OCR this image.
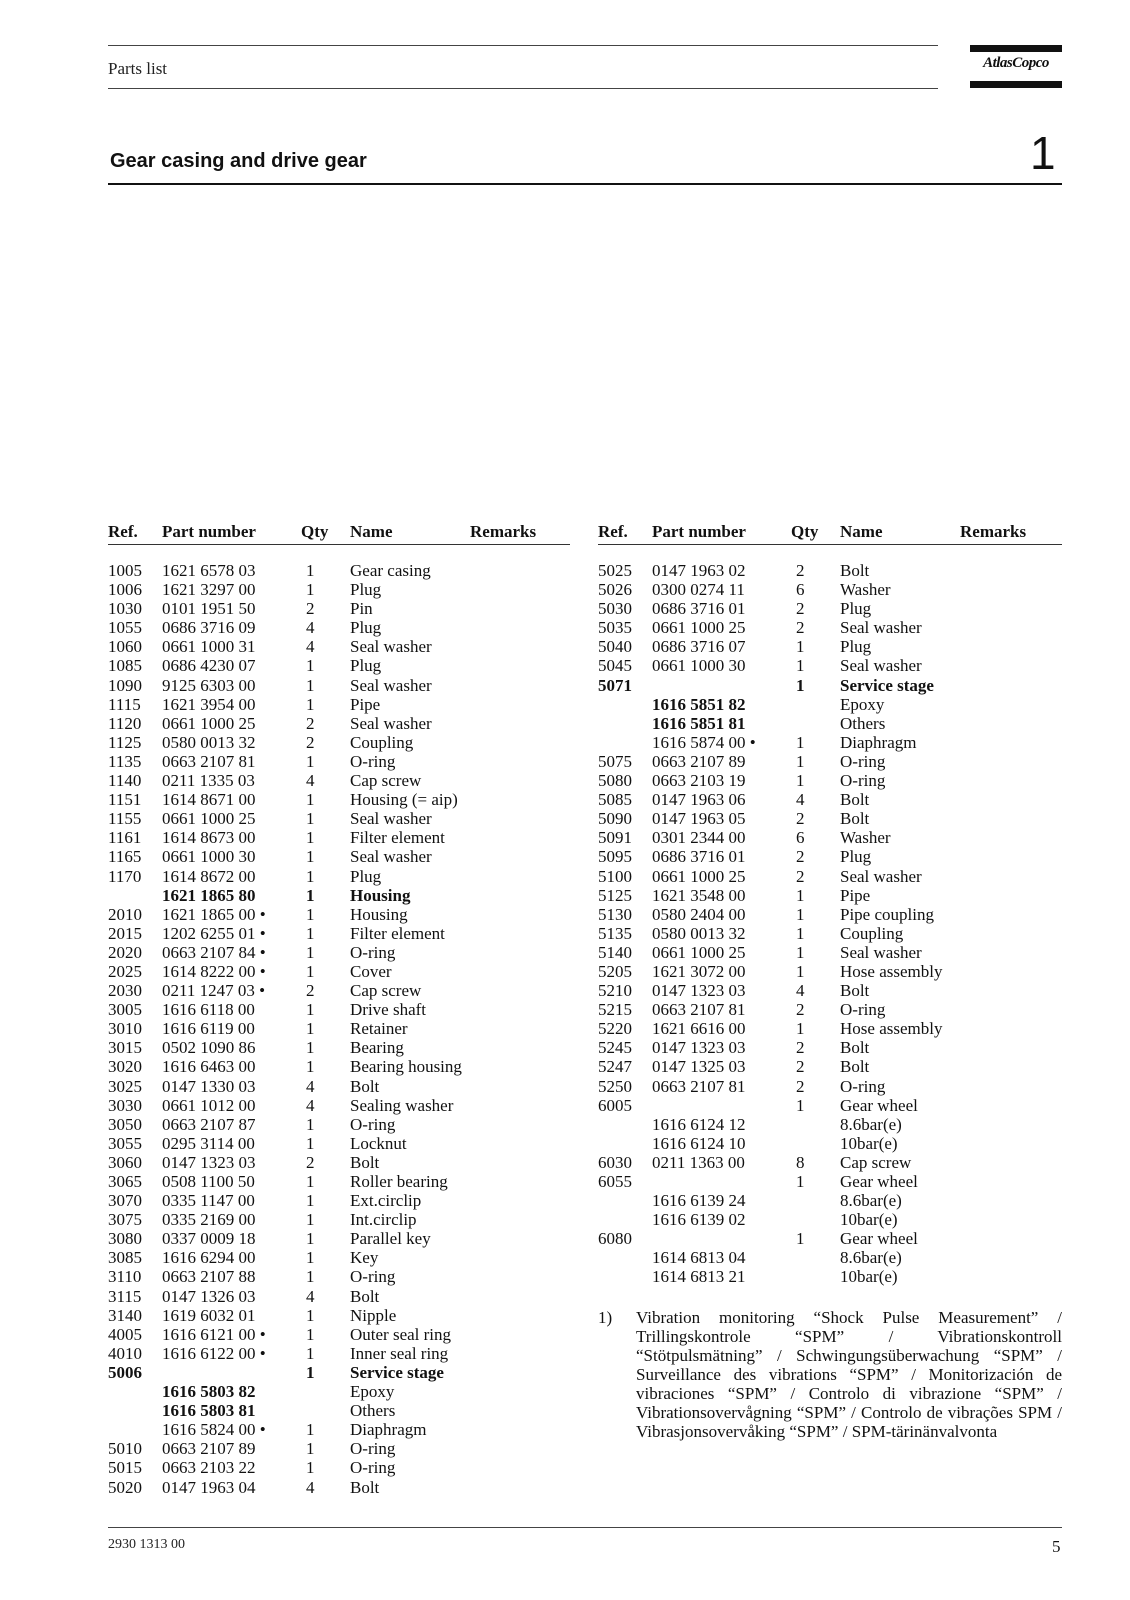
Parts list	AtlasCopco
Gear casing and drive gear	1
Ref. Part number	Qty Name	Remarks
1005 1621 6578 03	1 Gear casing
1006 1621 3297 00	1 Plug
1030 0101 1951 50	2 Pin
1055 0686 3716 09	4 Plug
1060 0661 1000 31	4 Seal washer
1085 0686 4230 07	1 Plug
1090 9125 6303 00	1 Seal washer
1115 1621 3954 00	1 Pipe
1120 0661 1000 25	2 Seal washer
1125 0580 0013 32	2 Coupling
1135 0663 2107 81	1 O-ring
1140 0211 1335 03	4 Cap screw
1151 1614 8671 00	1 Housing (= aip)
1155 0661 1000 25	1 Seal washer
1161 1614 8673 00	1 Filter element
1165 0661 1000 30	1 Seal washer
1170 1614 8672 00	1 Plug
1621 1865 80	1 Housing
2010 1621 1865 00 • 1 Housing
2015 1202 6255 01 • 1 Filter element
2020 0663 2107 84 • 1 O-ring
2025 1614 8222 00 • 1 Cover
2030 0211 1247 03 • 2 Cap screw
3005 1616 6118 00	1 Drive shaft
3010 1616 6119 00	1 Retainer
3015 0502 1090 86	1 Bearing
3020 1616 6463 00	1 Bearing housing
3025 0147 1330 03	4 Bolt
3030 0661 1012 00	4 Sealing washer
3050 0663 2107 87	1 O-ring
3055 0295 3114 00	1 Locknut
3060 0147 1323 03	2 Bolt
3065 0508 1100 50	1 Roller bearing
3070 0335 1147 00	1 Ext.circlip
3075 0335 2169 00	1 Int.circlip
3080 0337 0009 18	1 Parallel key
3085 1616 6294 00	1 Key
3110 0663 2107 88	1 O-ring
3115 0147 1326 03	4 Bolt
3140 1619 6032 01	1 Nipple
4005 1616 6121 00 • 1 Outer seal ring
4010 1616 6122 00 • 1 Inner seal ring
5006	1 Service stage
1616 5803 82	Epoxy
1616 5803 81	Others
1616 5824 00 • 1 Diaphragm
5010 0663 2107 89	1 O-ring
5015 0663 2103 22	1 O-ring
5020 0147 1963 04	4 Bolt
Ref. Part number	Qty Name	Remarks
5025 0147 1963 02	2 Bolt
5026 0300 0274 11	6 Washer
5030 0686 3716 01	2 Plug
5035 0661 1000 25	2 Seal washer
5040 0686 3716 07	1 Plug
5045 0661 1000 30	1 Seal washer
5071	1 Service stage
1616 5851 82	Epoxy
1616 5851 81	Others
1616 5874 00 • 1 Diaphragm
5075 0663 2107 89	1 O-ring
5080 0663 2103 19	1 O-ring
5085 0147 1963 06	4 Bolt
5090 0147 1963 05	2 Bolt
5091 0301 2344 00	6 Washer
5095 0686 3716 01	2 Plug
5100 0661 1000 25	2 Seal washer
5125 1621 3548 00	1 Pipe
5130 0580 2404 00	1 Pipe coupling
5135 0580 0013 32	1 Coupling
5140 0661 1000 25	1 Seal washer
5205 1621 3072 00	1 Hose assembly
5210 0147 1323 03	4 Bolt
5215 0663 2107 81	2 O-ring
5220 1621 6616 00	1 Hose assembly
5245 0147 1323 03	2 Bolt
5247 0147 1325 03	2 Bolt
5250 0663 2107 81	2 O-ring
6005	1 Gear wheel
1616 6124 12	8.6bar(e)
1616 6124 10	10bar(e)
6030 0211 1363 00	8 Cap screw
6055	1 Gear wheel
1616 6139 24	8.6bar(e)
1616 6139 02	10bar(e)
6080	1 Gear wheel
1614 6813 04	8.6bar(e)
1614 6813 21	10bar(e)
1) Vibration monitoring “Shock Pulse Measurement” / Trillingskontrole “SPM” / Vibrationskontroll “Stötpulsmätning” / Schwingungsüberwachung “SPM” / Surveillance des vibrations “SPM” / Monitorización de vibraciones “SPM” / Controlo di vibrazione “SPM” / Vibrationsovervågning “SPM” / Controlo de vibrações SPM / Vibrasjonsovervåking “SPM” / SPM-tärinänvalvonta
2930 1313 00	5
